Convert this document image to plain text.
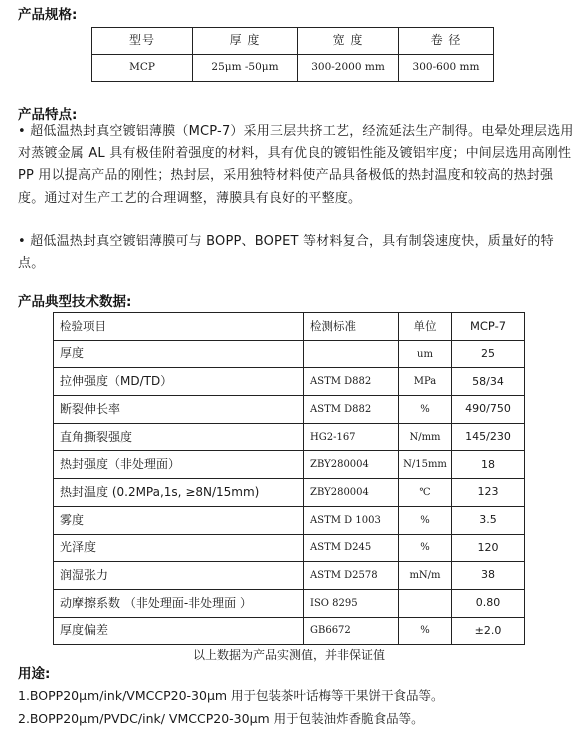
产品规格:
型号	厚 度	宽 度	卷 径
MCP	25μm -50μm	300-2000 mm	300-600 mm
产品特点:

• 超低温热封真空镀铝薄膜（MCP-7）采用三层共挤工艺，经流延法生产制得。电晕处理层选用对蒸镀金属 AL 具有极佳附着强度的材料，具有优良的镀铝性能及镀铝牢度；中间层选用高刚性 PP 用以提高产品的刚性；热封层，采用独特材料使产品具备极低的热封温度和较高的热封强度。通过对生产工艺的合理调整，薄膜具有良好的平整度。

• 超低温热封真空镀铝薄膜可与 BOPP、BOPET 等材料复合，具有制袋速度快，质量好的特点。

产品典型技术数据:
检验项目	检测标准	单位	MCP-7
厚度		um	25
拉伸强度（MD/TD）	ASTM D882	MPa	58/34
断裂伸长率	ASTM D882	%	490/750
直角撕裂强度	HG2-167	N/mm	145/230
热封强度（非处理面）	ZBY280004	N/15mm	18
热封温度 (0.2MPa,1s, ≥8N/15mm)	ZBY280004	℃	123
雾度	ASTM D 1003	%	3.5
光泽度	ASTM D245	%	120
润湿张力	ASTM D2578	mN/m	38
动摩擦系数 （非处理面-非处理面 ）	ISO 8295		0.80
厚度偏差	GB6672	%	±2.0

以上数据为产品实测值，并非保证值

用途:

1.BOPP20μm/ink/VMCCP20-30μm 用于包装茶叶话梅等干果饼干食品等。

2.BOPP20μm/PVDC/ink/ VMCCP20-30μm 用于包装油炸香脆食品等。
